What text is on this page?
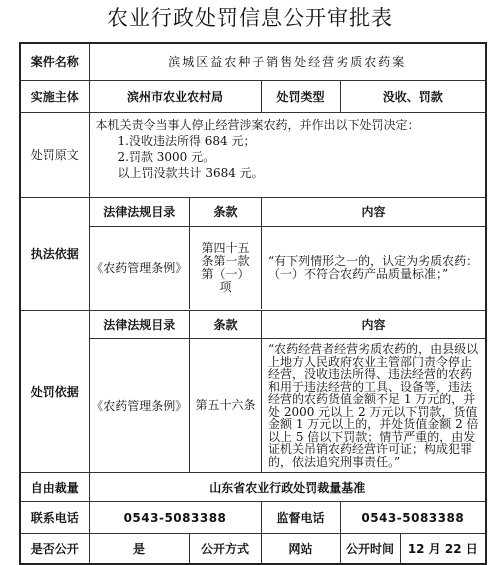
农业行政处罚信息公开审批表
案件名称	滨城区益农种子销售处经营劣质农药案
实施主体	滨州市农业农村局	处罚类型	没收、罚款
处罚原文	
本机关责令当事人停止经营涉案农药，并作出以下处罚决定：
1.没收违法所得 684 元；
2.罚款 3000 元。
以上罚没款共计 3684 元。

执法依据	
法律法规目录	条款	内容
《农药管理条例》	第四十五条第一款第（一）项	“有下列情形之一的，认定为劣质农药：（一）不符合农药产品质量标准；”

处罚依据	
法律法规目录	条款	内容
《农药管理条例》	第五十六条	“农药经营者经营劣质农药的，由县级以上地方人民政府农业主管部门责令停止经营，没收违法所得、违法经营的农药和用于违法经营的工具、设备等，违法经营的农药货值金额不足 1 万元的，并处 2000 元以上 2 万元以下罚款，货值金额 1 万元以上的，并处货值金额 2 倍以上 5 倍以下罚款；情节严重的，由发证机关吊销农药经营许可证；构成犯罪的，依法追究刑事责任。”

自由裁量	山东省农业行政处罚裁量基准
联系电话	0543-5083388	监督电话	0543-5083388
是否公开	是	公开方式	网站	公开时间	12 月 22 日
